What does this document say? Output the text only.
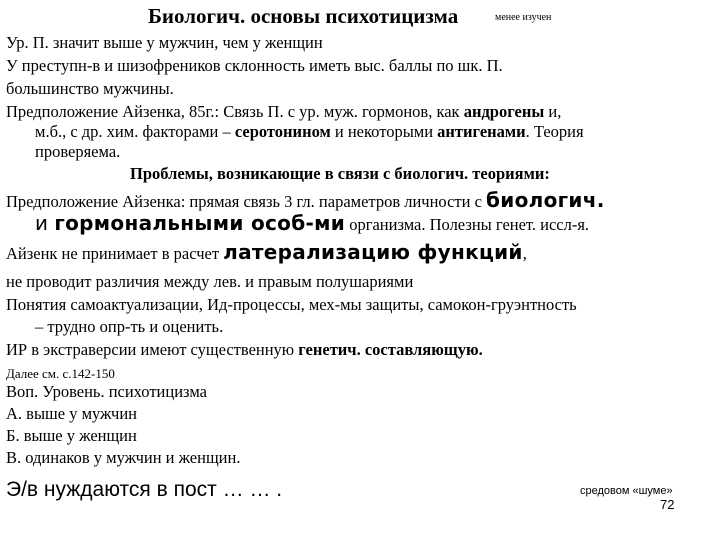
Биологич. основы психотицизма	менее изучен
Ур. П. значит выше у мужчин, чем у женщин
У преступн-в и шизофреников склонность иметь выс. баллы по шк. П.
большинство мужчины.
Предположение Айзенка, 85г.: Связь П. с ур. муж. гормонов, как андрогены и,
м.б., с др. хим. факторами – серотонином и некоторыми антигенами. Теория
проверяема.
Проблемы, возникающие в связи с биологич. теориями:
Предположение Айзенка: прямая связь 3 гл. параметров личности с биологич.
и гормональными особ-ми организма. Полезны генет. иссл-я.
Айзенк не принимает в расчет латерализацию функций,
не проводит различия между лев. и правым полушариями
Понятия самоактуализации, Ид-процессы, мех-мы защиты, самокон-груэнтность
– трудно опр-ть и оценить.
ИР в экстраверсии имеют существенную генетич. составляющую.
Далее см. с.142-150
Воп. Уровень. психотицизма
А. выше у мужчин
Б. выше у женщин
В. одинаков у мужчин и женщин.
Э/в нуждаются в пост … … .	средовом «шуме»
72
